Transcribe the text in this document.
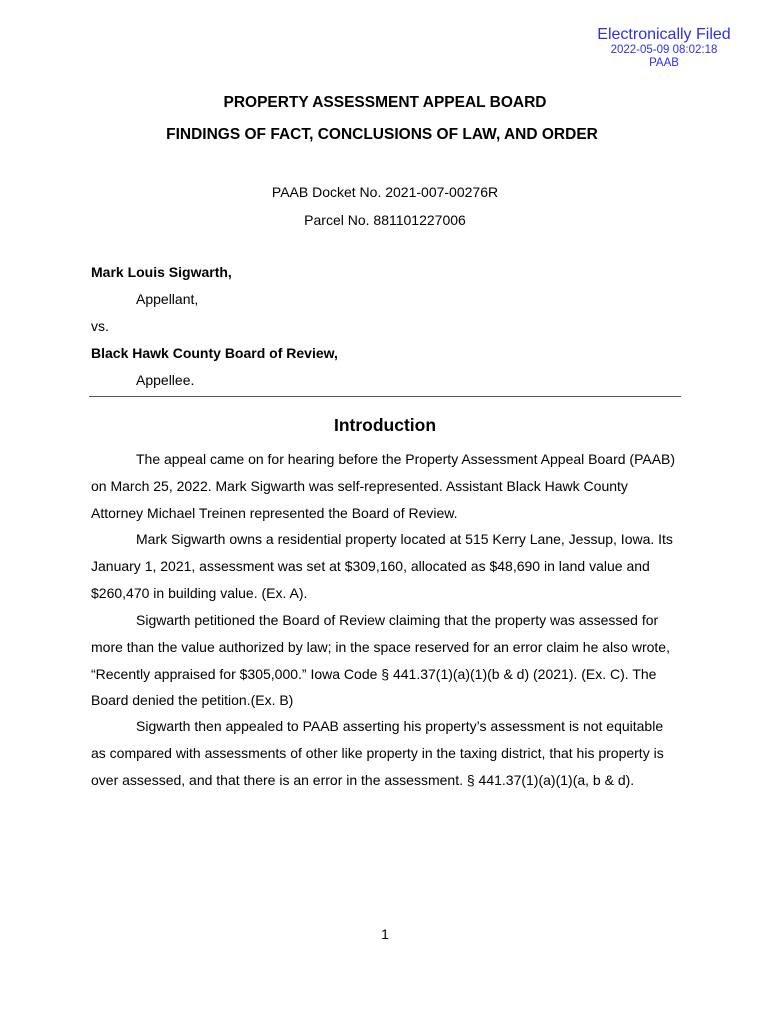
Electronically Filed
2022-05-09 08:02:18
PAAB
PROPERTY ASSESSMENT APPEAL BOARD
FINDINGS OF FACT, CONCLUSIONS OF LAW, AND ORDER
PAAB Docket No. 2021-007-00276R
Parcel No. 881101227006
Mark Louis Sigwarth,
Appellant,
vs.
Black Hawk County Board of Review,
Appellee.
Introduction

The appeal came on for hearing before the Property Assessment Appeal Board (PAAB) on March 25, 2022. Mark Sigwarth was self-represented. Assistant Black Hawk County Attorney Michael Treinen represented the Board of Review.

Mark Sigwarth owns a residential property located at 515 Kerry Lane, Jessup, Iowa. Its January 1, 2021, assessment was set at $309,160, allocated as $48,690 in land value and $260,470 in building value. (Ex. A).

Sigwarth petitioned the Board of Review claiming that the property was assessed for more than the value authorized by law; in the space reserved for an error claim he also wrote, “Recently appraised for $305,000.” Iowa Code § 441.37(1)(a)(1)(b & d) (2021). (Ex. C). The Board denied the petition.(Ex. B)

Sigwarth then appealed to PAAB asserting his property’s assessment is not equitable as compared with assessments of other like property in the taxing district, that his property is over assessed, and that there is an error in the assessment. § 441.37(1)(a)(1)(a, b & d).

1
